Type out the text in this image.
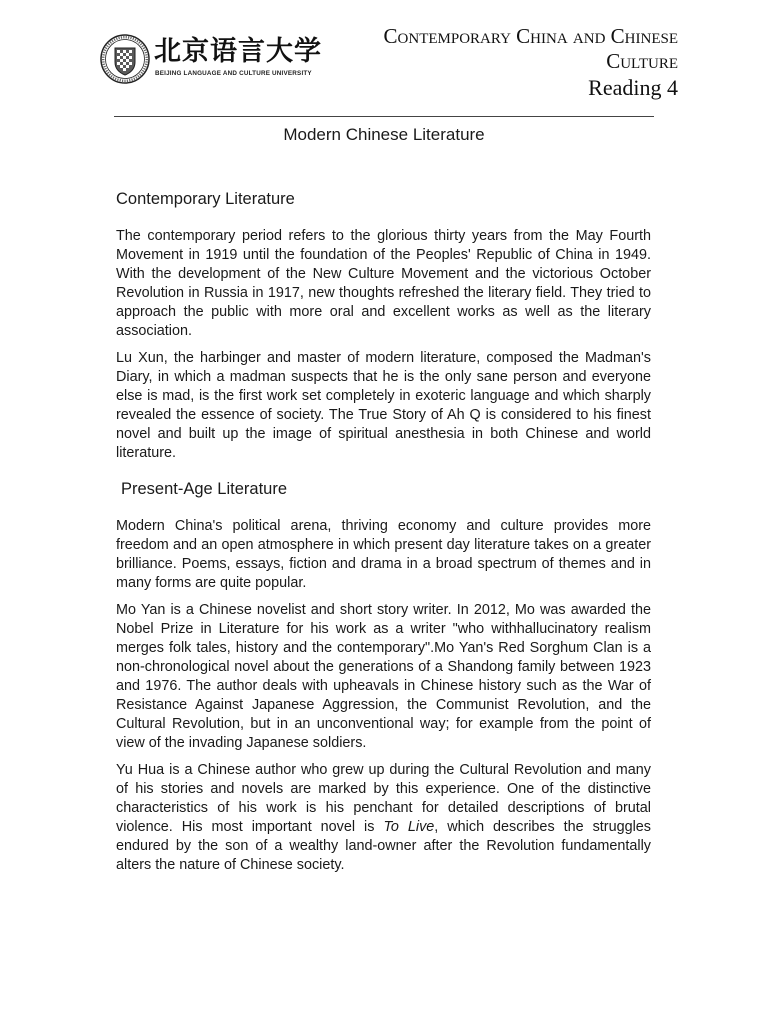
北京语言大学
BEIJING LANGUAGE AND CULTURE UNIVERSITY
Contemporary China and Chinese
Culture
Reading 4
Modern Chinese Literature
Contemporary Literature

The contemporary period refers to the glorious thirty years from the May Fourth Movement in 1919 until the foundation of the Peoples' Republic of China in 1949. With the development of the New Culture Movement and the victorious October Revolution in Russia in 1917, new thoughts refreshed the literary field. They tried to approach the public with more oral and excellent works as well as the literary association.

Lu Xun, the harbinger and master of modern literature, composed the Madman's Diary, in which a madman suspects that he is the only sane person and everyone else is mad, is the first work set completely in exoteric language and which sharply revealed the essence of society. The True Story of Ah Q is considered to his finest novel and built up the image of spiritual anesthesia in both Chinese and world literature.

Present-Age Literature

Modern China's political arena, thriving economy and culture provides more freedom and an open atmosphere in which present day literature takes on a greater brilliance. Poems, essays, fiction and drama in a broad spectrum of themes and in many forms are quite popular.

Mo Yan is a Chinese novelist and short story writer. In 2012, Mo was awarded the Nobel Prize in Literature for his work as a writer "who withhallucinatory realism merges folk tales, history and the contemporary".Mo Yan's Red Sorghum Clan is a non-chronological novel about the generations of a Shandong family between 1923 and 1976. The author deals with upheavals in Chinese history such as the War of Resistance Against Japanese Aggression, the Communist Revolution, and the Cultural Revolution, but in an unconventional way; for example from the point of view of the invading Japanese soldiers.

Yu Hua is a Chinese author who grew up during the Cultural Revolution and many of his stories and novels are marked by this experience. One of the distinctive characteristics of his work is his penchant for detailed descriptions of brutal violence. His most important novel is To Live, which describes the struggles endured by the son of a wealthy land-owner after the Revolution fundamentally alters the nature of Chinese society.
